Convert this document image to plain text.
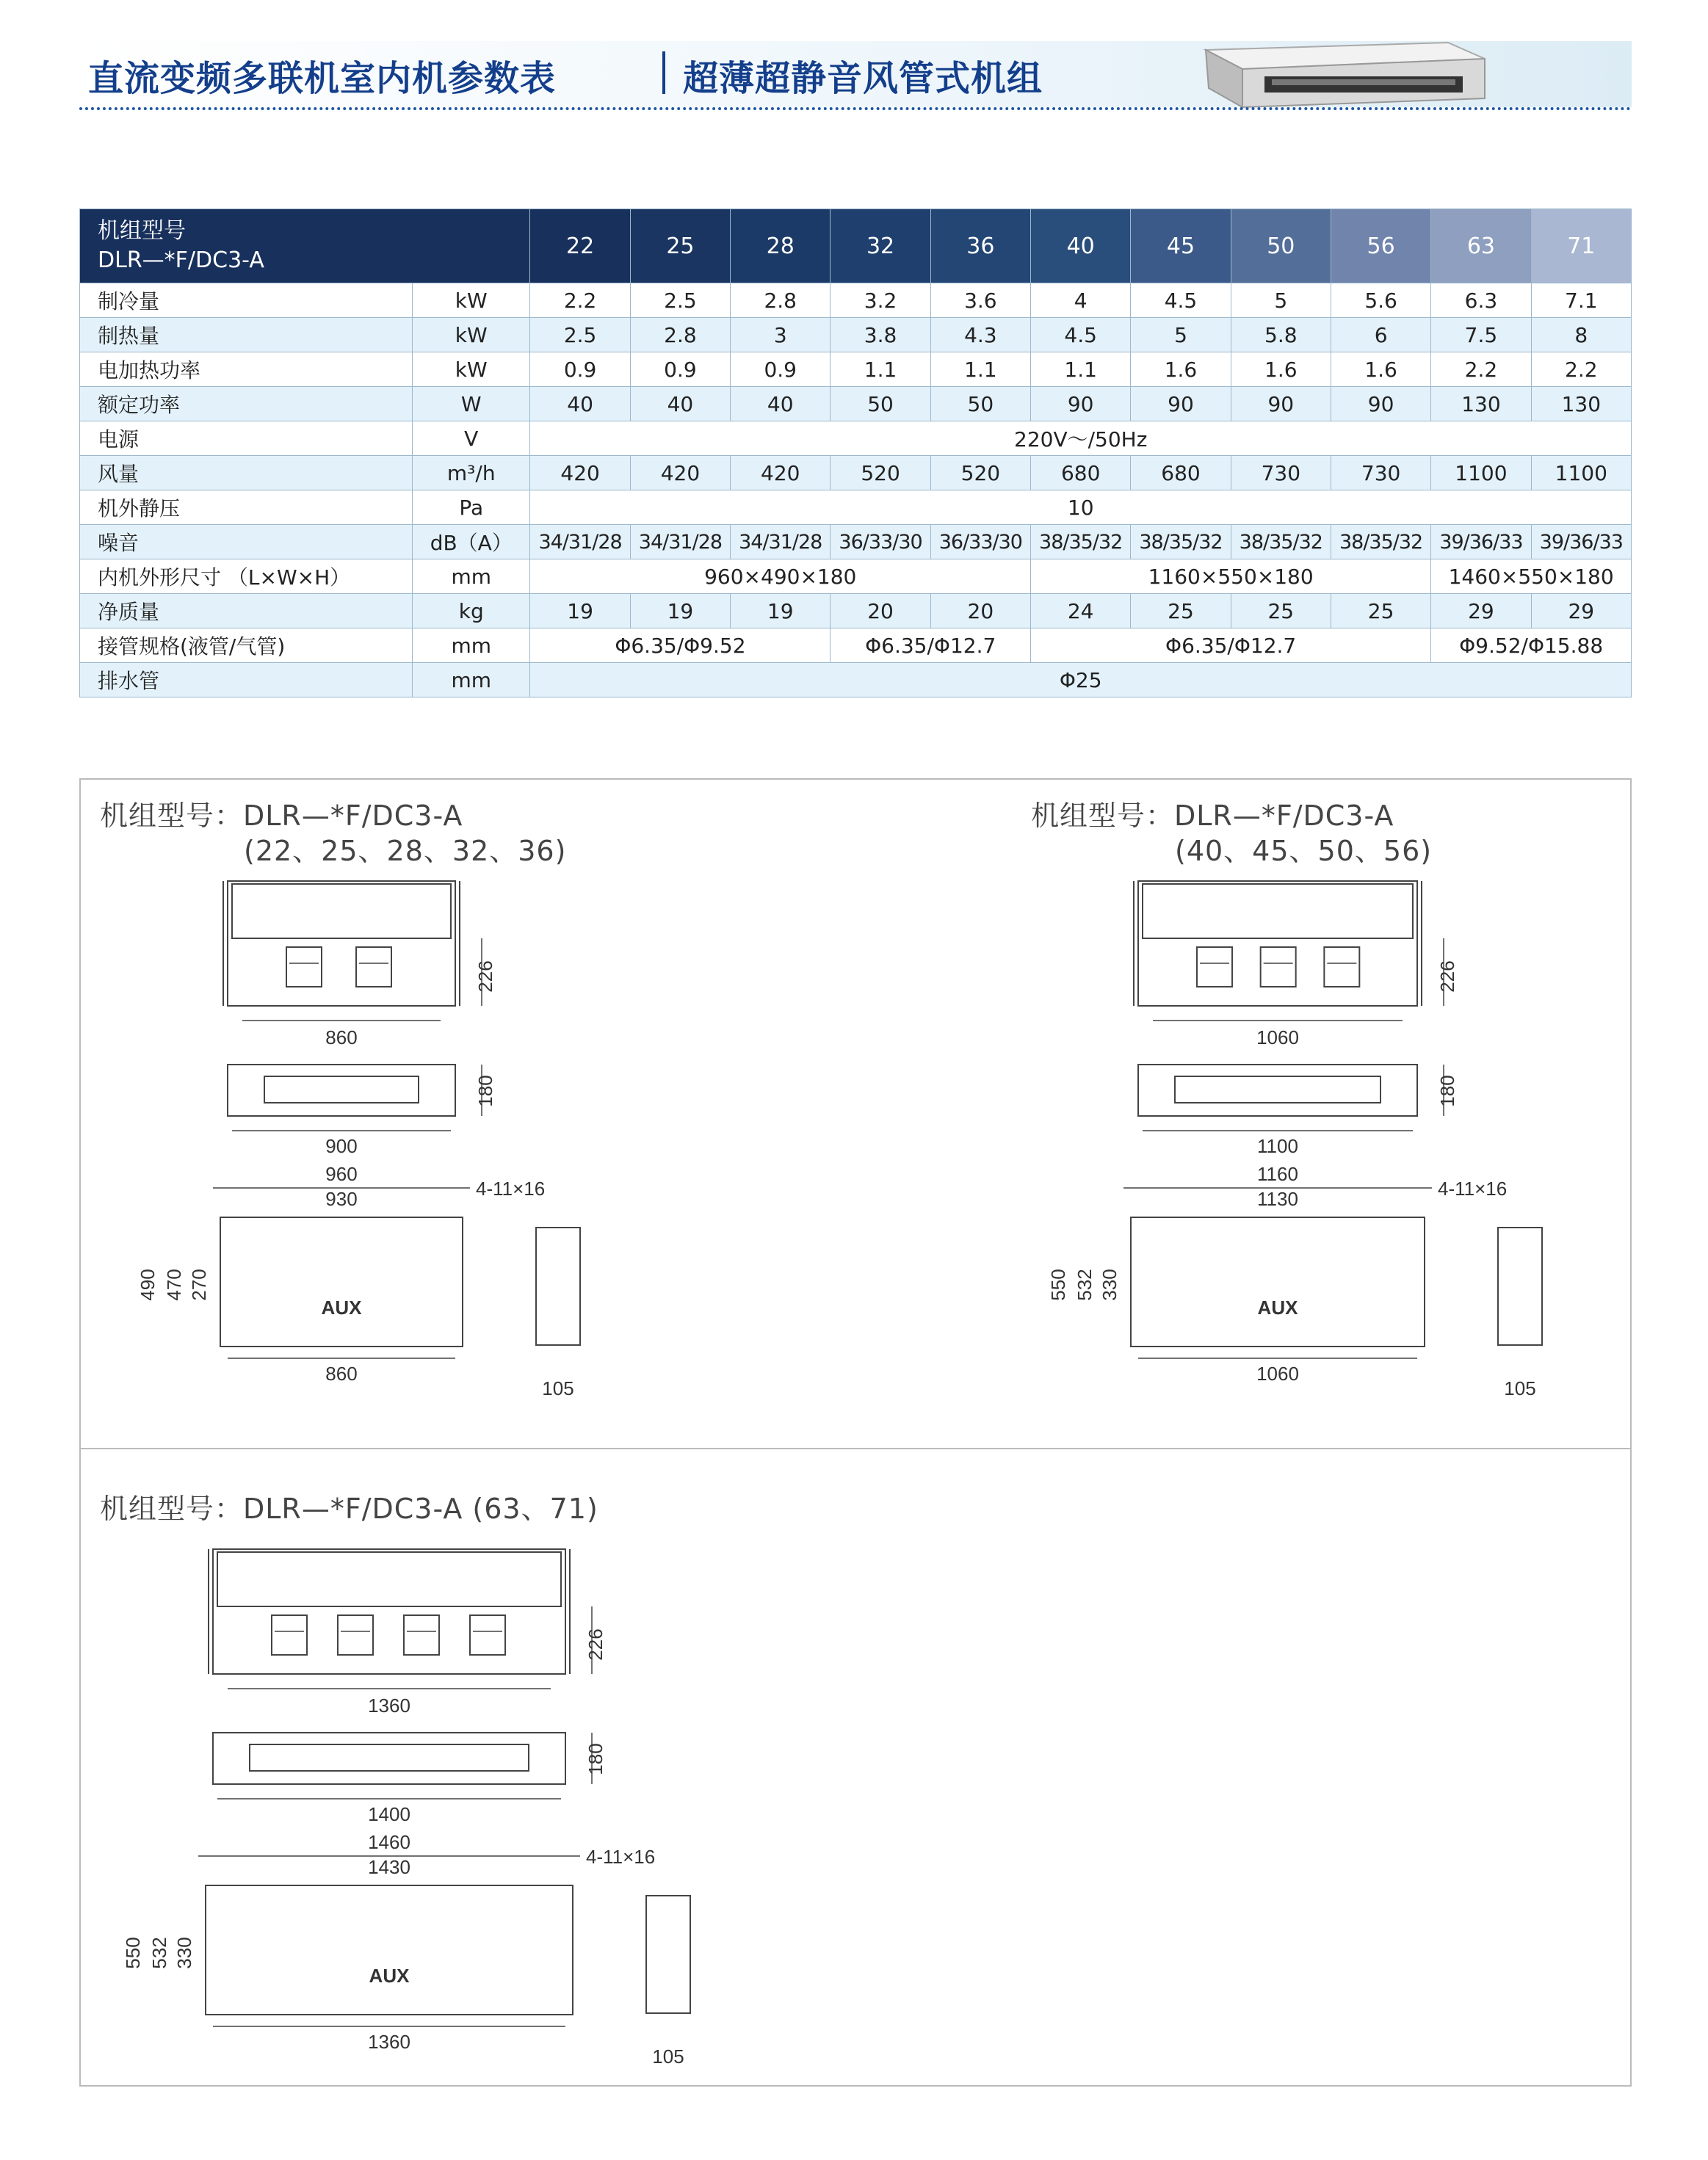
直流变频多联机室内机参数表	超薄超静音风管式机组
机组型号
DLR—*F/DC3-A		22	25	28	32	36	40	45	50	56	63	71
制冷量	kW	2.2	2.5	2.8	3.2	3.6	4	4.5	5	5.6	6.3	7.1
制热量	kW	2.5	2.8	3	3.8	4.3	4.5	5	5.8	6	7.5	8
电加热功率	kW	0.9	0.9	0.9	1.1	1.1	1.1	1.6	1.6	1.6	2.2	2.2
额定功率	W	40	40	40	50	50	90	90	90	90	130	130
电源	V	220V～/50Hz										
风量	m³/h	420	420	420	520	520	680	680	730	730	1100	1100
机外静压	Pa	10										
噪音	dB（A）	34/31/28	34/31/28	34/31/28	36/33/30	36/33/30	38/35/32	38/35/32	38/35/32	38/35/32	39/36/33	39/36/33
内机外形尺寸 （L×W×H）	mm	960×490×180					1160×550×180				1460×550×180	
净质量	kg	19	19	19	20	20	24	25	25	25	29	29
接管规格(液管/气管)	mm	Φ6.35/Φ9.52			Φ6.35/Φ12.7		Φ6.35/Φ12.7				Φ9.52/Φ15.88	
排水管	mm	Φ25										
机组型号：DLR—*F/DC3-A
(22、25、28、32、36)
机组型号：DLR—*F/DC3-A
(40、45、50、56)
机组型号：DLR—*F/DC3-A (63、71)
860
226
900
180
960
930
AUX
4-11×16
490 470 270
860
105
1060
226
1100
180
1160
1130
AUX
4-11×16
550 532 330
1060
105
1360
226
1400
180
1460
1430
AUX
4-11×16
550 532 330
1360
105
